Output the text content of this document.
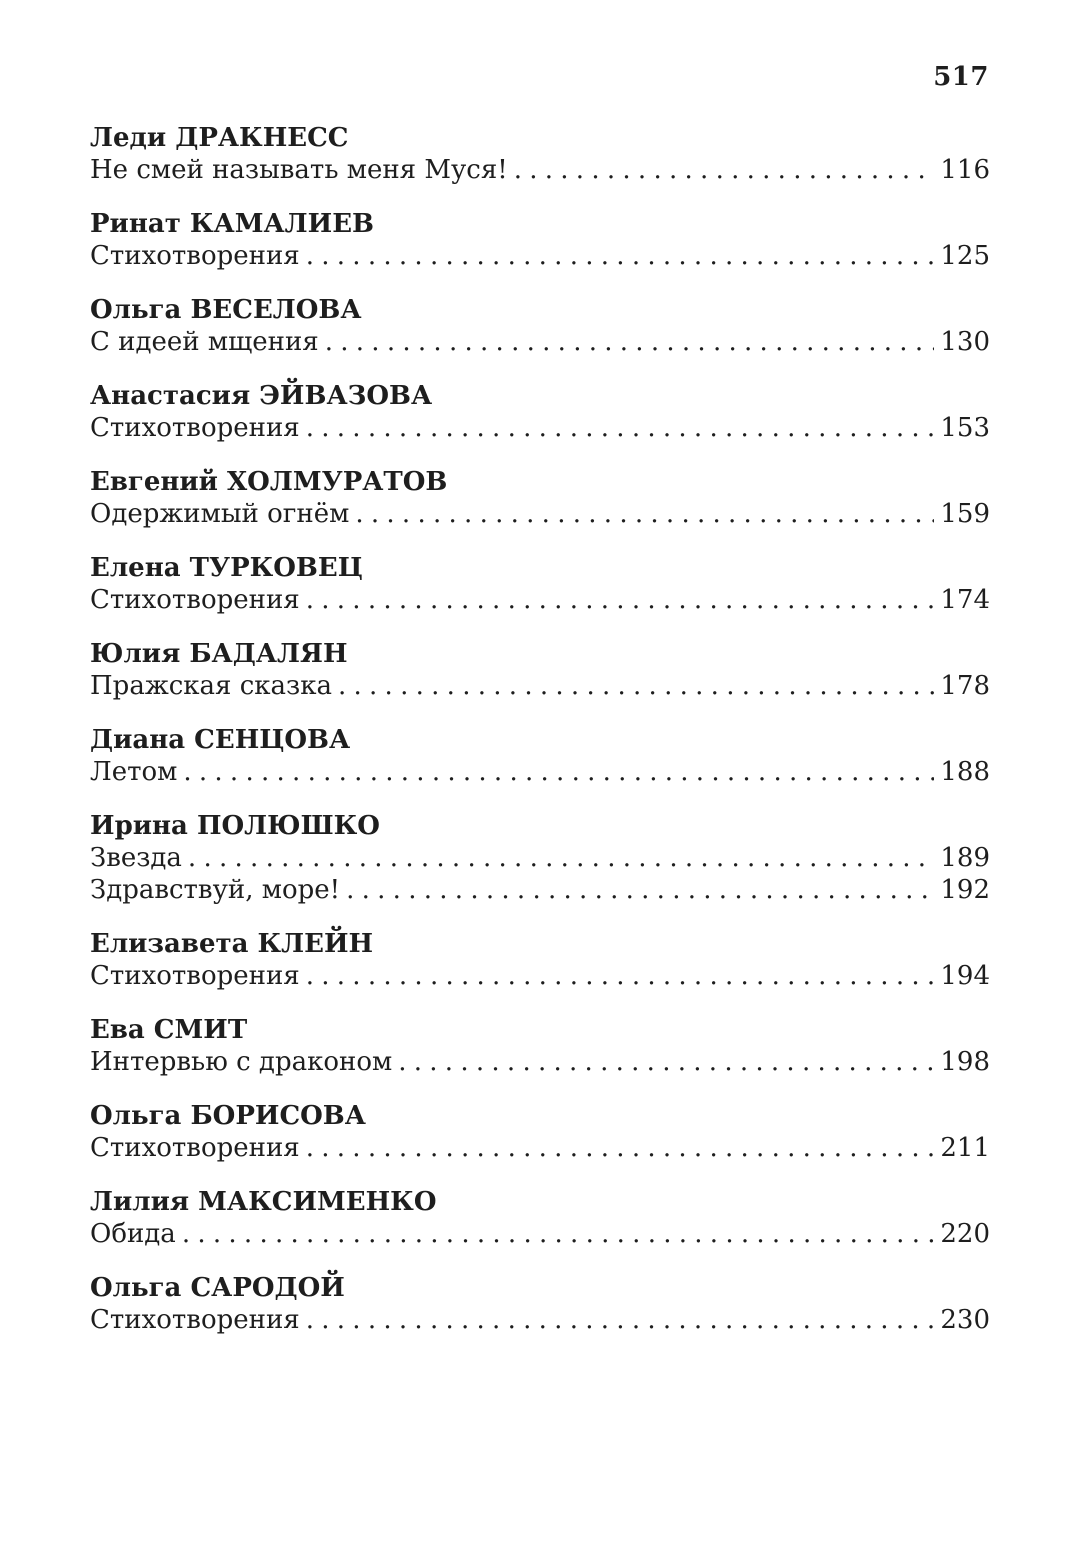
517
Леди ДРАКНЕСС
Не смей называть меня Муся! . . .	116
Ринат КАМАЛИЕВ
Стихотворения . . .	125
Ольга ВЕСЕЛОВА
С идеей мщения . . .	130
Анастасия ЭЙВАЗОВА
Стихотворения . . .	153
Евгений ХОЛМУРАТОВ
Одержимый огнём . . .	159
Елена ТУРКОВЕЦ
Стихотворения . . .	174
Юлия БАДАЛЯН
Пражская сказка . . .	178
Диана СЕНЦОВА
Летом . . .	188
Ирина ПОЛЮШКО
Звезда . . .	189
Здравствуй, море! . . .	192
Елизавета КЛЕЙН
Стихотворения . . .	194
Ева СМИТ
Интервью с драконом . . .	198
Ольга БОРИСОВА
Стихотворения . . .	211
Лилия МАКСИМЕНКО
Обида . . .	220
Ольга САРОДОЙ
Стихотворения . . .	230
